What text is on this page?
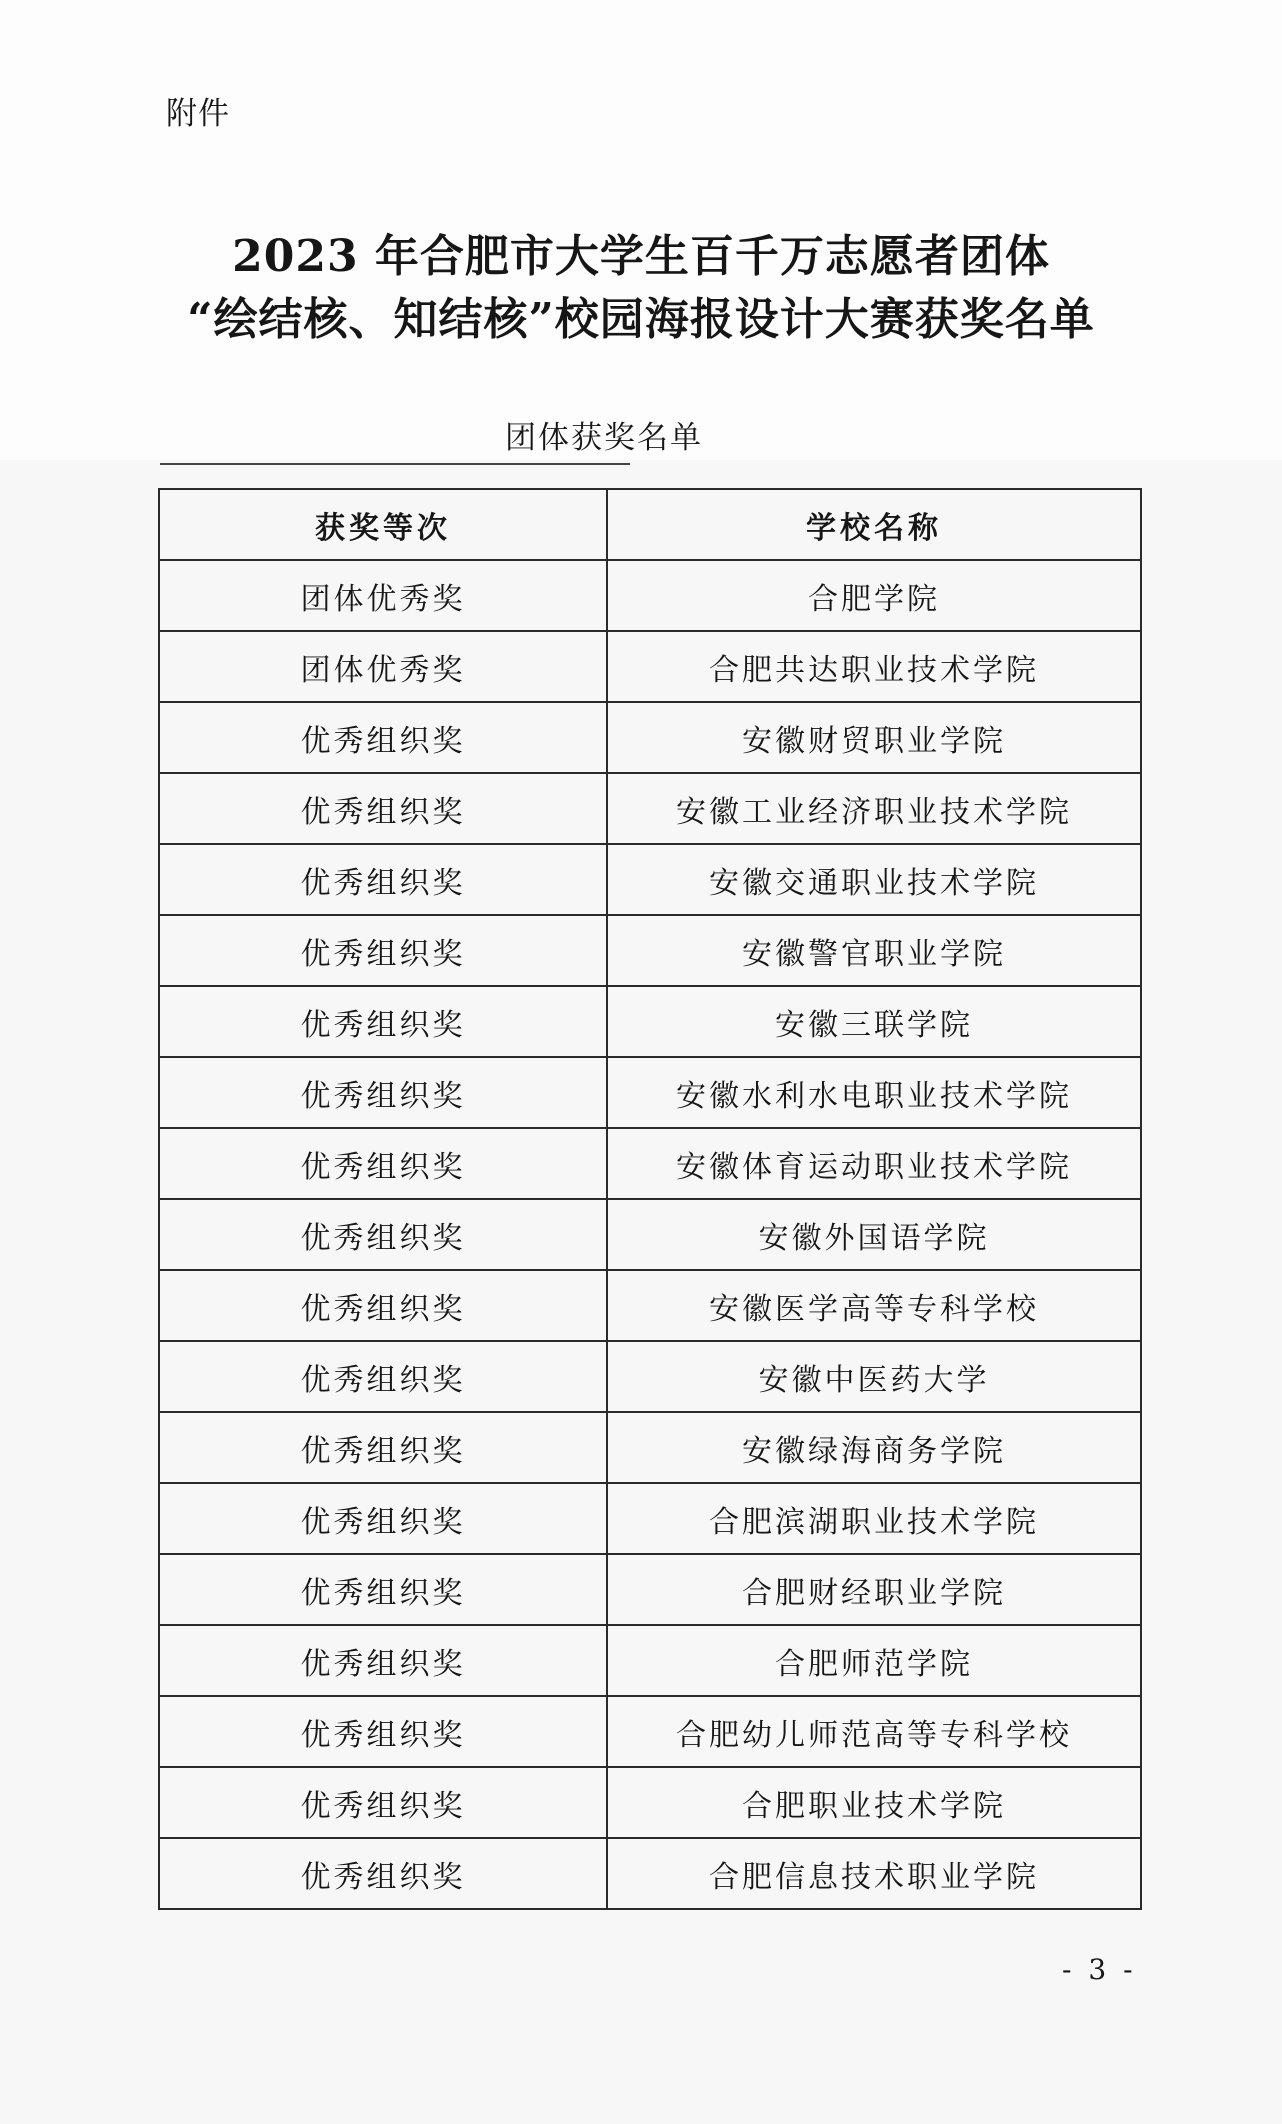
附件
2023 年合肥市大学生百千万志愿者团体
“绘结核、知结核”校园海报设计大赛获奖名单
团体获奖名单
获奖等次	学校名称
团体优秀奖	合肥学院
团体优秀奖	合肥共达职业技术学院
优秀组织奖	安徽财贸职业学院
优秀组织奖	安徽工业经济职业技术学院
优秀组织奖	安徽交通职业技术学院
优秀组织奖	安徽警官职业学院
优秀组织奖	安徽三联学院
优秀组织奖	安徽水利水电职业技术学院
优秀组织奖	安徽体育运动职业技术学院
优秀组织奖	安徽外国语学院
优秀组织奖	安徽医学高等专科学校
优秀组织奖	安徽中医药大学
优秀组织奖	安徽绿海商务学院
优秀组织奖	合肥滨湖职业技术学院
优秀组织奖	合肥财经职业学院
优秀组织奖	合肥师范学院
优秀组织奖	合肥幼儿师范高等专科学校
优秀组织奖	合肥职业技术学院
优秀组织奖	合肥信息技术职业学院
- 3 -
